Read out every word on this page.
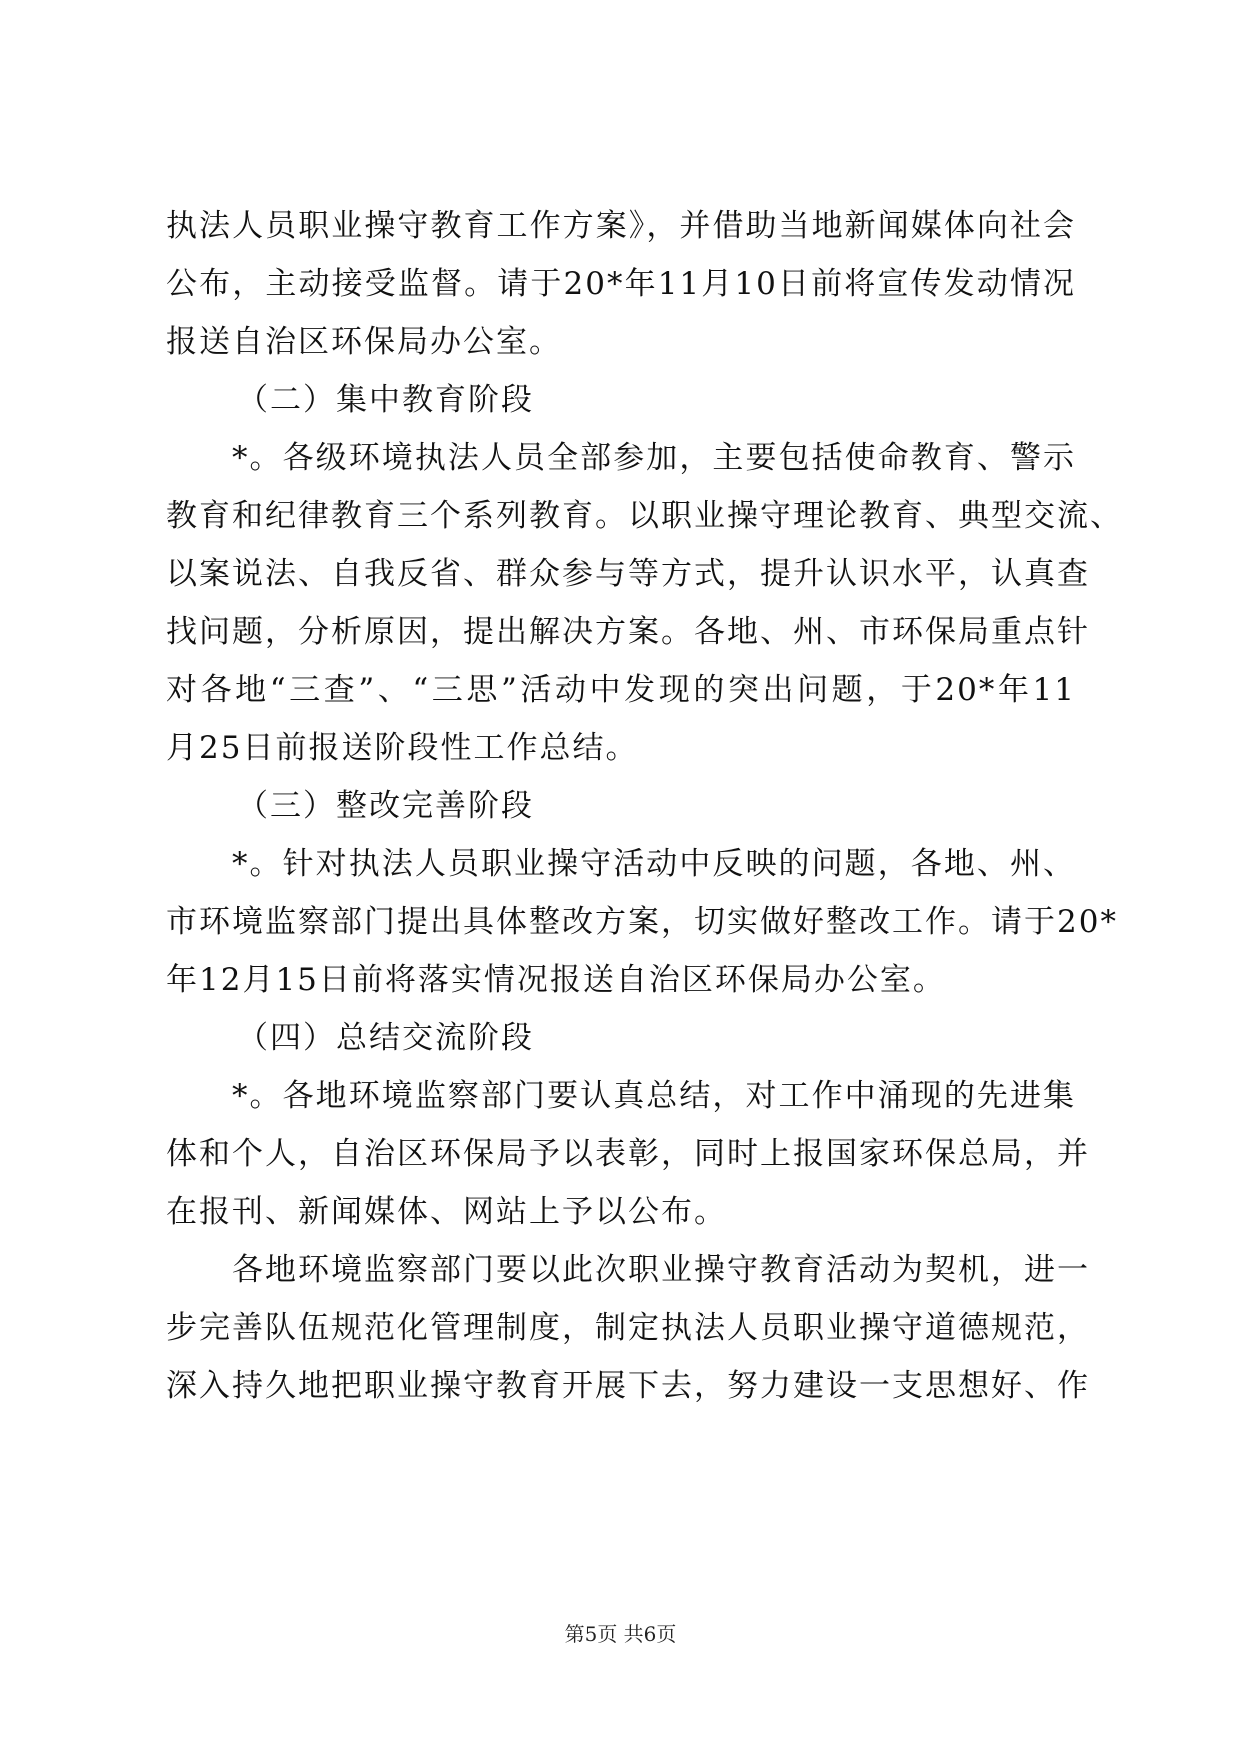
执法人员职业操守教育工作方案》，并借助当地新闻媒体向社会
公布，主动接受监督。请于20*年11月10日前将宣传发动情况
报送自治区环保局办公室。
（二）集中教育阶段
*。各级环境执法人员全部参加，主要包括使命教育、警示
教育和纪律教育三个系列教育。以职业操守理论教育、典型交流、
以案说法、自我反省、群众参与等方式，提升认识水平，认真查
找问题，分析原因，提出解决方案。各地、州、市环保局重点针
对各地“三查”、“三思”活动中发现的突出问题，于20*年11
月25日前报送阶段性工作总结。
（三）整改完善阶段
*。针对执法人员职业操守活动中反映的问题，各地、州、
市环境监察部门提出具体整改方案，切实做好整改工作。请于20*
年12月15日前将落实情况报送自治区环保局办公室。
（四）总结交流阶段
*。各地环境监察部门要认真总结，对工作中涌现的先进集
体和个人，自治区环保局予以表彰，同时上报国家环保总局，并
在报刊、新闻媒体、网站上予以公布。
各地环境监察部门要以此次职业操守教育活动为契机，进一
步完善队伍规范化管理制度，制定执法人员职业操守道德规范，
深入持久地把职业操守教育开展下去，努力建设一支思想好、作
第5页 共6页
